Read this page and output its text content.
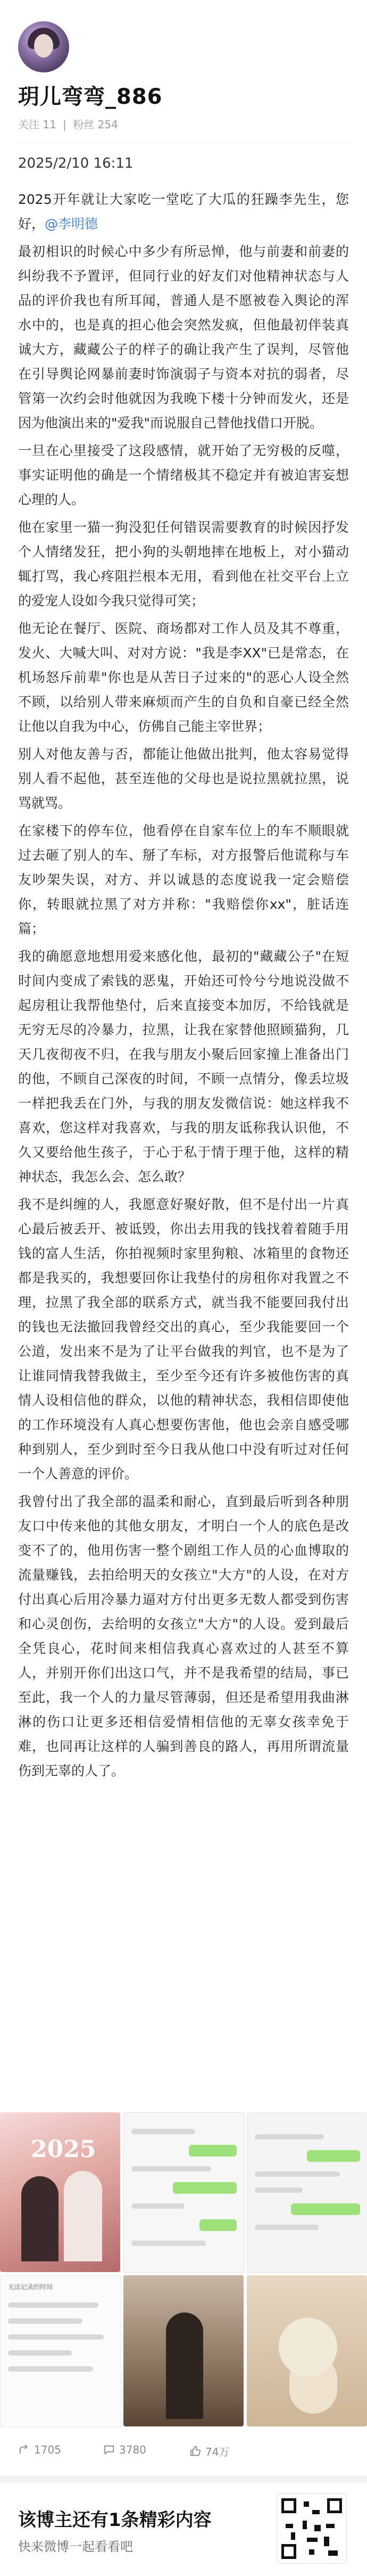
玥儿弯弯_886
关注 11 | 粉丝 254
2025/2/10 16:11

2025开年就让大家吃一堂吃了大瓜的狂躁李先生，您好，@李明德

最初相识的时候心中多少有所忌惮，他与前妻和前妻的纠纷我不予置评，但同行业的好友们对他精神状态与人品的评价我也有所耳闻，普通人是不愿被卷入舆论的浑水中的，也是真的担心他会突然发疯，但他最初伴装真诚大方，藏藏公子的样子的确让我产生了误判，尽管他在引导舆论网暴前妻时饰演弱子与资本对抗的弱者，尽管第一次约会时他就因为我晚下楼十分钟而发火，还是因为他演出来的"爱我"而说服自己替他找借口开脱。

一旦在心里接受了这段感情，就开始了无穷极的反噬，事实证明他的确是一个情绪极其不稳定并有被迫害妄想心理的人。

他在家里一猫一狗没犯任何错误需要教育的时候因抒发个人情绪发狂，把小狗的头朝地摔在地板上，对小猫动辄打骂，我心疼阻拦根本无用，看到他在社交平台上立的爱宠人设如今我只觉得可笑；

他无论在餐厅、医院、商场都对工作人员及其不尊重，发火、大喊大叫、对对方说："我是李XX"已是常态，在机场怒斥前辈"你也是从苦日子过来的"的恶心人设全然不顾，以给别人带来麻烦而产生的自负和自豪已经全然让他以自我为中心，仿佛自己能主宰世界；

别人对他友善与否，都能让他做出批判，他太容易觉得别人看不起他，甚至连他的父母也是说拉黑就拉黑，说骂就骂。

在家楼下的停车位，他看停在自家车位上的车不顺眼就过去砸了别人的车、掰了车标，对方报警后他谎称与车友吵架失误，对方、并以诚恳的态度说我一定会赔偿你，转眼就拉黑了对方并称："我赔偿你xx"，脏话连篇；

我的确愿意地想用爱来感化他，最初的"藏藏公子"在短时间内变成了索钱的恶鬼，开始还可怜兮兮地说没做不起房租让我帮他垫付，后来直接变本加厉，不给钱就是无穷无尽的冷暴力，拉黑，让我在家替他照顾猫狗，几天几夜彻夜不归，在我与朋友小聚后回家撞上准备出门的他，不顾自己深夜的时间，不顾一点情分，像丢垃圾一样把我丢在门外，与我的朋友发微信说：她这样我不喜欢，您这样对我喜欢，与我的朋友诋称我认识他，不久又要给他生孩子，于心于私于情于理于他，这样的精神状态，我怎么会、怎么敢？

我不是纠缠的人，我愿意好聚好散，但不是付出一片真心最后被丢开、被诋毁，你出去用我的钱找着着随手用钱的富人生活，你拍视频时家里狗粮、冰箱里的食物还都是我买的，我想要回你让我垫付的房租你对我置之不理，拉黑了我全部的联系方式，就当我不能要回我付出的钱也无法撤回我曾经交出的真心，至少我能要回一个公道，发出来不是为了让平台做我的判官，也不是为了让谁同情我替我做主，至少至今还有许多被他伤害的真情人设相信他的群众，以他的精神状态，我相信即使他的工作环境没有人真心想要伤害他，他也会亲自感受哪种到别人，至少到时至今日我从他口中没有听过对任何一个人善意的评价。

我曾付出了我全部的温柔和耐心，直到最后听到各种朋友口中传来他的其他女朋友，才明白一个人的底色是改变不了的，他用伤害一整个剧组工作人员的心血博取的流量赚钱，去拍给明天的女孩立"大方"的人设，在对方付出真心后用冷暴力逼对方付出更多无数人都受到伤害和心灵创伤，去给明的女孩立"大方"的人设。爱到最后全凭良心，花时间来相信我真心喜欢过的人甚至不算人，并别开你们出这口气，并不是我希望的结局，事已至此，我一个人的力量尽管薄弱，但还是希望用我曲淋淋的伤口让更多还相信爱情相信他的无辜女孩幸免于难，也同再让这样的人骗到善良的路人，再用所谓流量伤到无辜的人了。

2025
无法记录的时间
1705	3780	74万
该博主还有1条精彩内容
快来微博一起看看吧
